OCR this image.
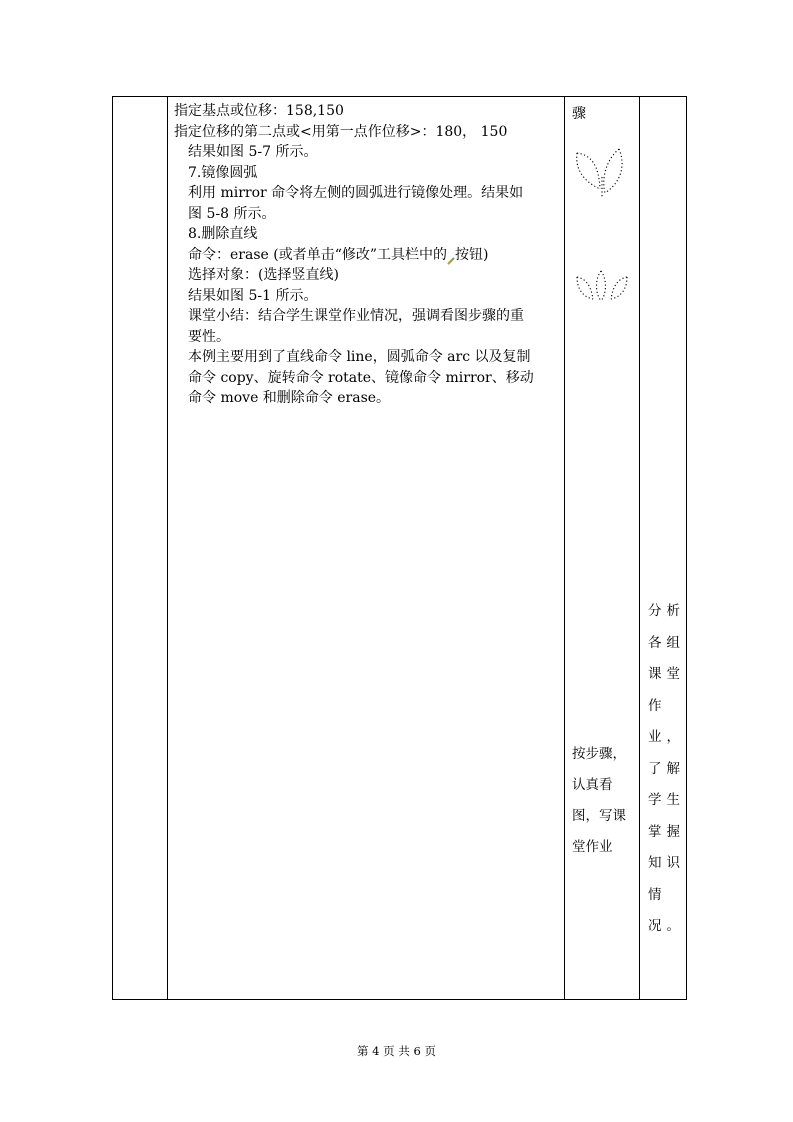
指定基点或位移：158,150

指定位移的第二点或<用第一点作位移>：180， 150

结果如图 5-7 所示。

7.镜像圆弧

利用 mirror 命令将左侧的圆弧进行镜像处理。结果如

图 5-8 所示。

8.删除直线

命令：erase (或者单击“修改”工具栏中的 按钮)

选择对象：(选择竖直线)

结果如图 5-1 所示。

课堂小结：结合学生课堂作业情况，强调看图步骤的重

要性。

本例主要用到了直线命令 line，圆弧命令 arc 以及复制

命令 copy、旋转命令 rotate、镜像命令 mirror、移动

命令 move 和删除命令 erase。

骤

按步骤，

认真看

图，写课

堂作业

分析

各组

课堂

作

业，

了解

学生

掌握

知识

情

况。

第 4 页 共 6 页
